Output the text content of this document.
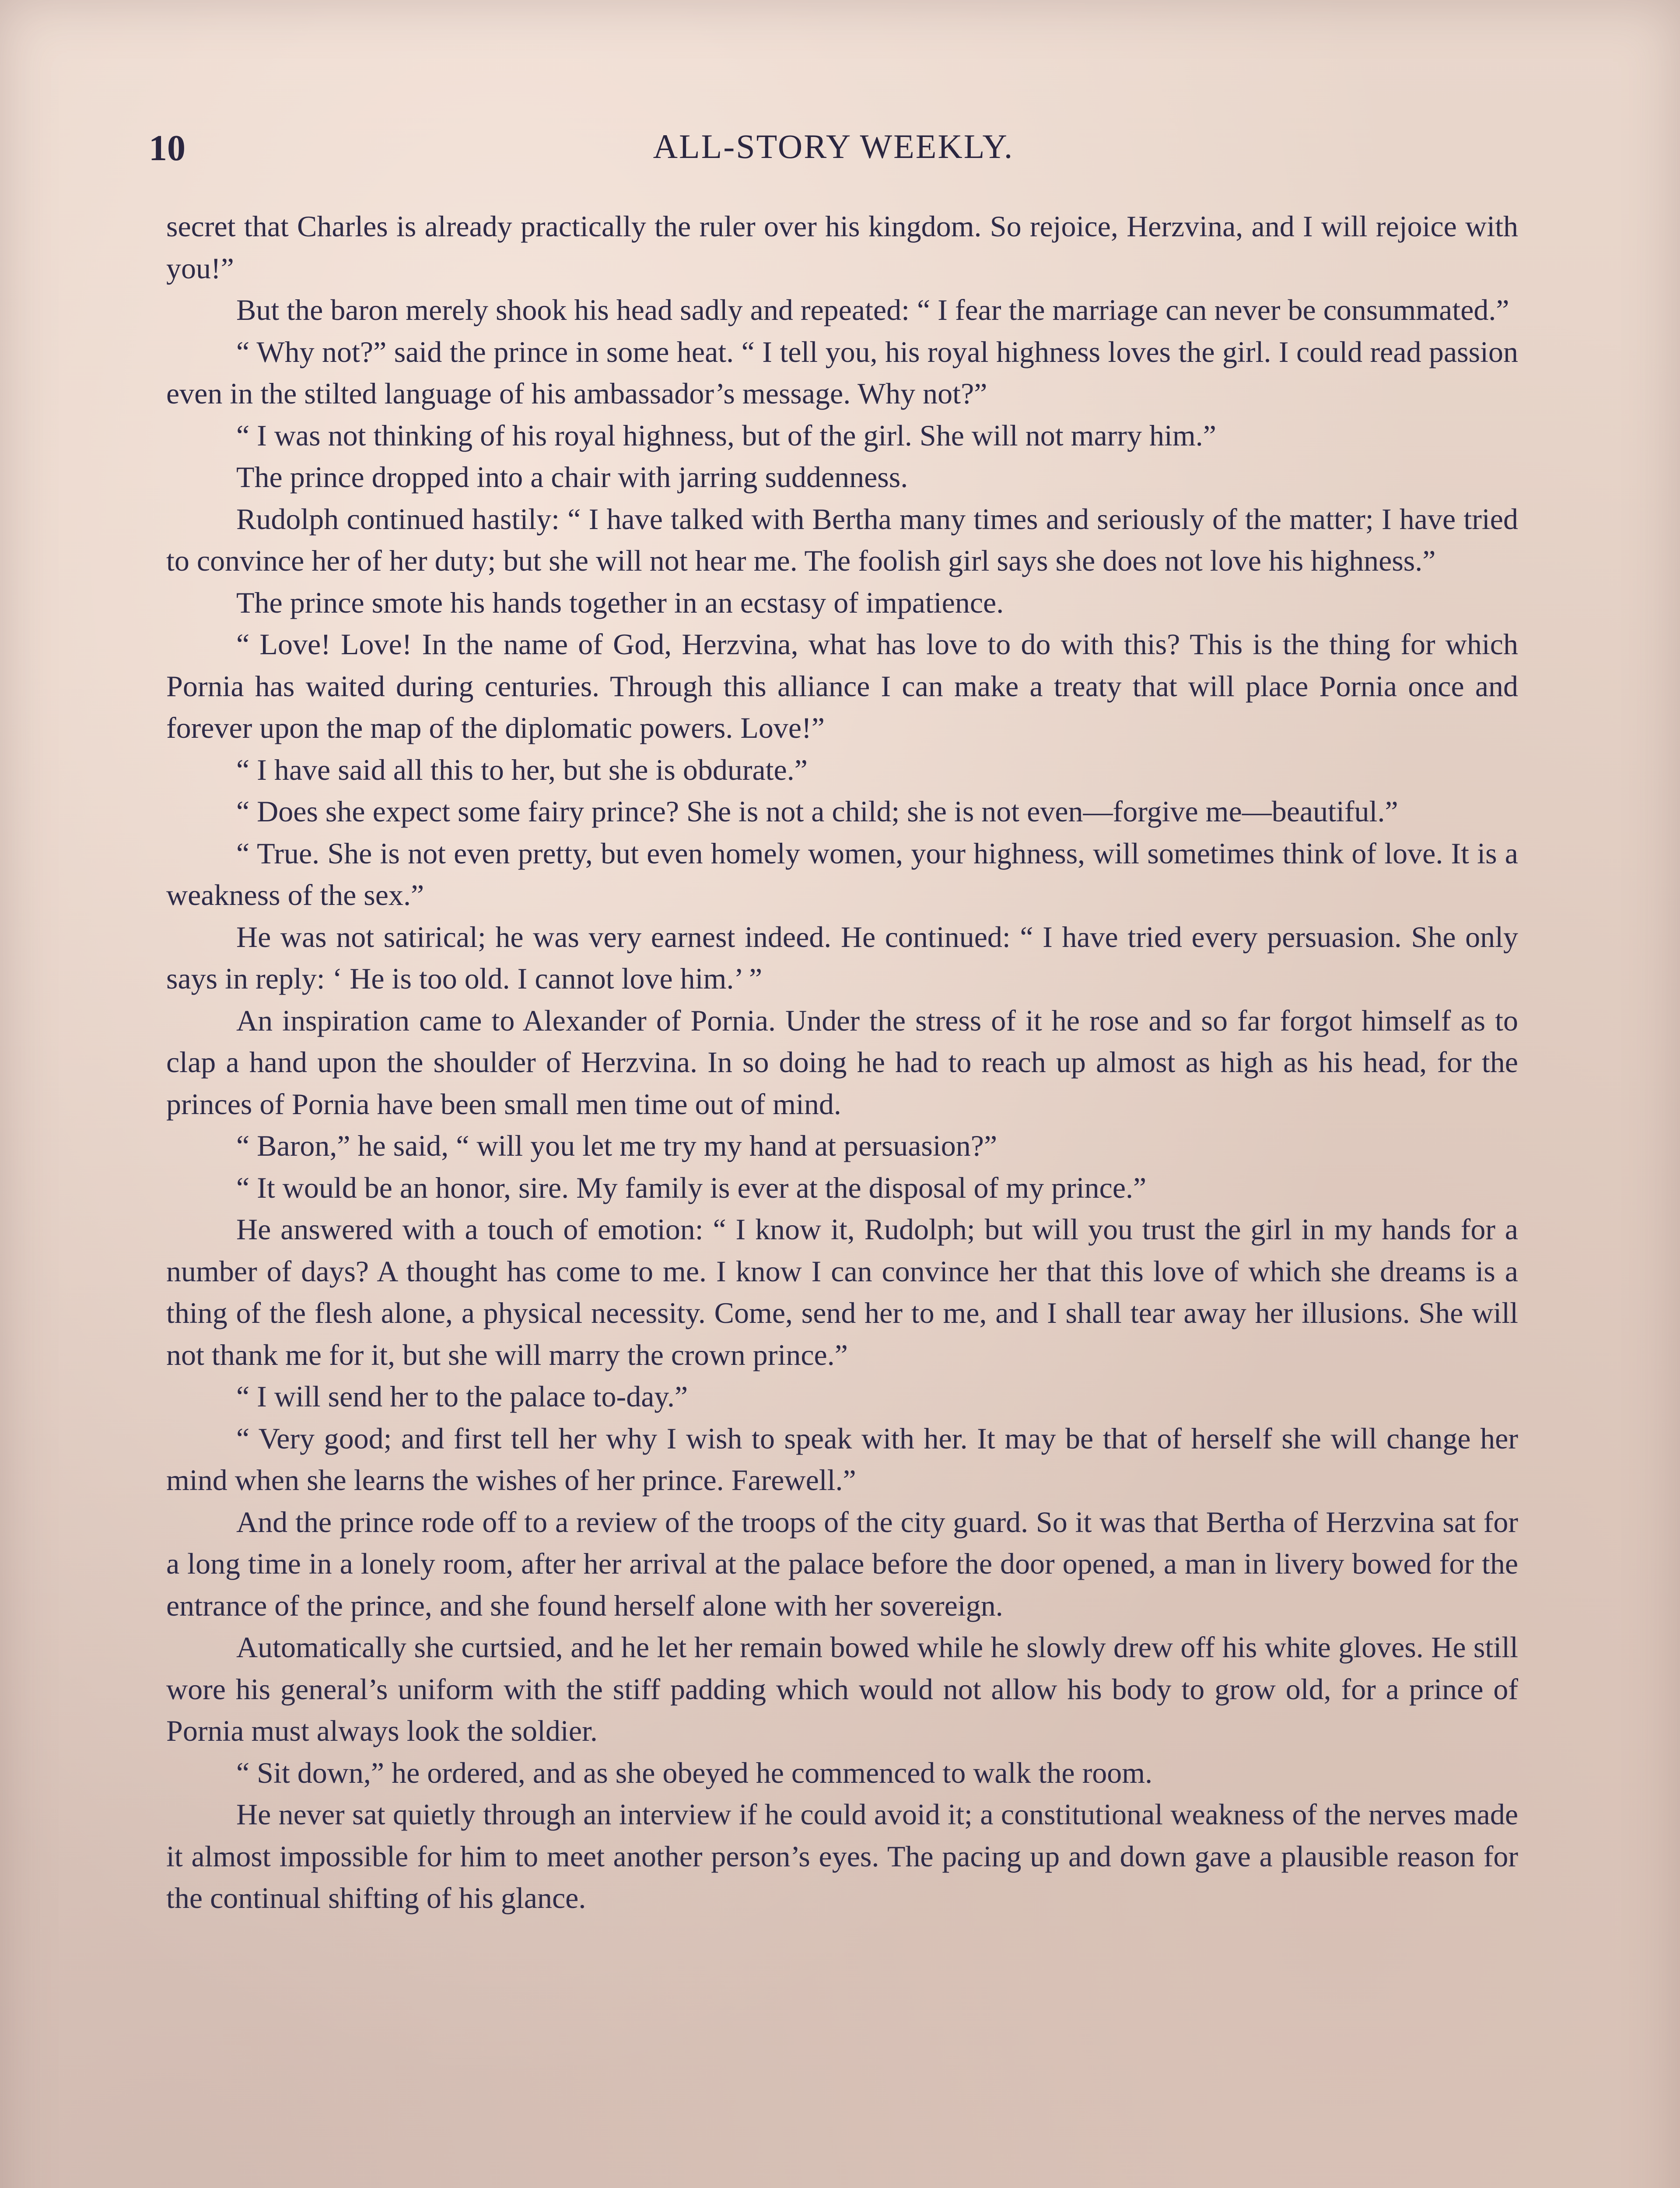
10	ALL-STORY WEEKLY.

secret that Charles is already practically the ruler over his kingdom. So rejoice, Herzvina, and I will rejoice with you!”

But the baron merely shook his head sadly and repeated: “ I fear the marriage can never be consummated.”

“ Why not?” said the prince in some heat. “ I tell you, his royal highness loves the girl. I could read passion even in the stilted language of his ambassador’s message. Why not?”

“ I was not thinking of his royal highness, but of the girl. She will not marry him.”

The prince dropped into a chair with jarring suddenness.

Rudolph continued hastily: “ I have talked with Bertha many times and seriously of the matter; I have tried to convince her of her duty; but she will not hear me. The foolish girl says she does not love his highness.”

The prince smote his hands together in an ecstasy of impatience.

“ Love! Love! In the name of God, Herzvina, what has love to do with this? This is the thing for which Pornia has waited during centuries. Through this alliance I can make a treaty that will place Pornia once and forever upon the map of the diplomatic powers. Love!”

“ I have said all this to her, but she is obdurate.”

“ Does she expect some fairy prince? She is not a child; she is not even—forgive me—beautiful.”

“ True. She is not even pretty, but even homely women, your highness, will sometimes think of love. It is a weakness of the sex.”

He was not satirical; he was very earnest indeed. He continued: “ I have tried every persuasion. She only says in reply: ‘ He is too old. I cannot love him.’ ”

An inspiration came to Alexander of Pornia. Under the stress of it he rose and so far forgot himself as to clap a hand upon the shoulder of Herzvina. In so doing he had to reach up almost as high as his head, for the princes of Pornia have been small men time out of mind.

“ Baron,” he said, “ will you let me try my hand at persuasion?”

“ It would be an honor, sire. My family is ever at the disposal of my prince.”

He answered with a touch of emotion: “ I know it, Rudolph; but will you trust the girl in my hands for a number of days? A thought has come to me. I know I can convince her that this love of which she dreams is a thing of the flesh alone, a physical necessity. Come, send her to me, and I shall tear away her illusions. She will not thank me for it, but she will marry the crown prince.”

“ I will send her to the palace to-day.”

“ Very good; and first tell her why I wish to speak with her. It may be that of herself she will change her mind when she learns the wishes of her prince. Farewell.”

And the prince rode off to a review of the troops of the city guard. So it was that Bertha of Herzvina sat for a long time in a lonely room, after her arrival at the palace before the door opened, a man in livery bowed for the entrance of the prince, and she found herself alone with her sovereign.

Automatically she curtsied, and he let her remain bowed while he slowly drew off his white gloves. He still wore his general’s uniform with the stiff padding which would not allow his body to grow old, for a prince of Pornia must always look the soldier.

“ Sit down,” he ordered, and as she obeyed he commenced to walk the room.

He never sat quietly through an interview if he could avoid it; a constitutional weakness of the nerves made it almost impossible for him to meet another person’s eyes. The pacing up and down gave a plausible reason for the continual shifting of his glance.
